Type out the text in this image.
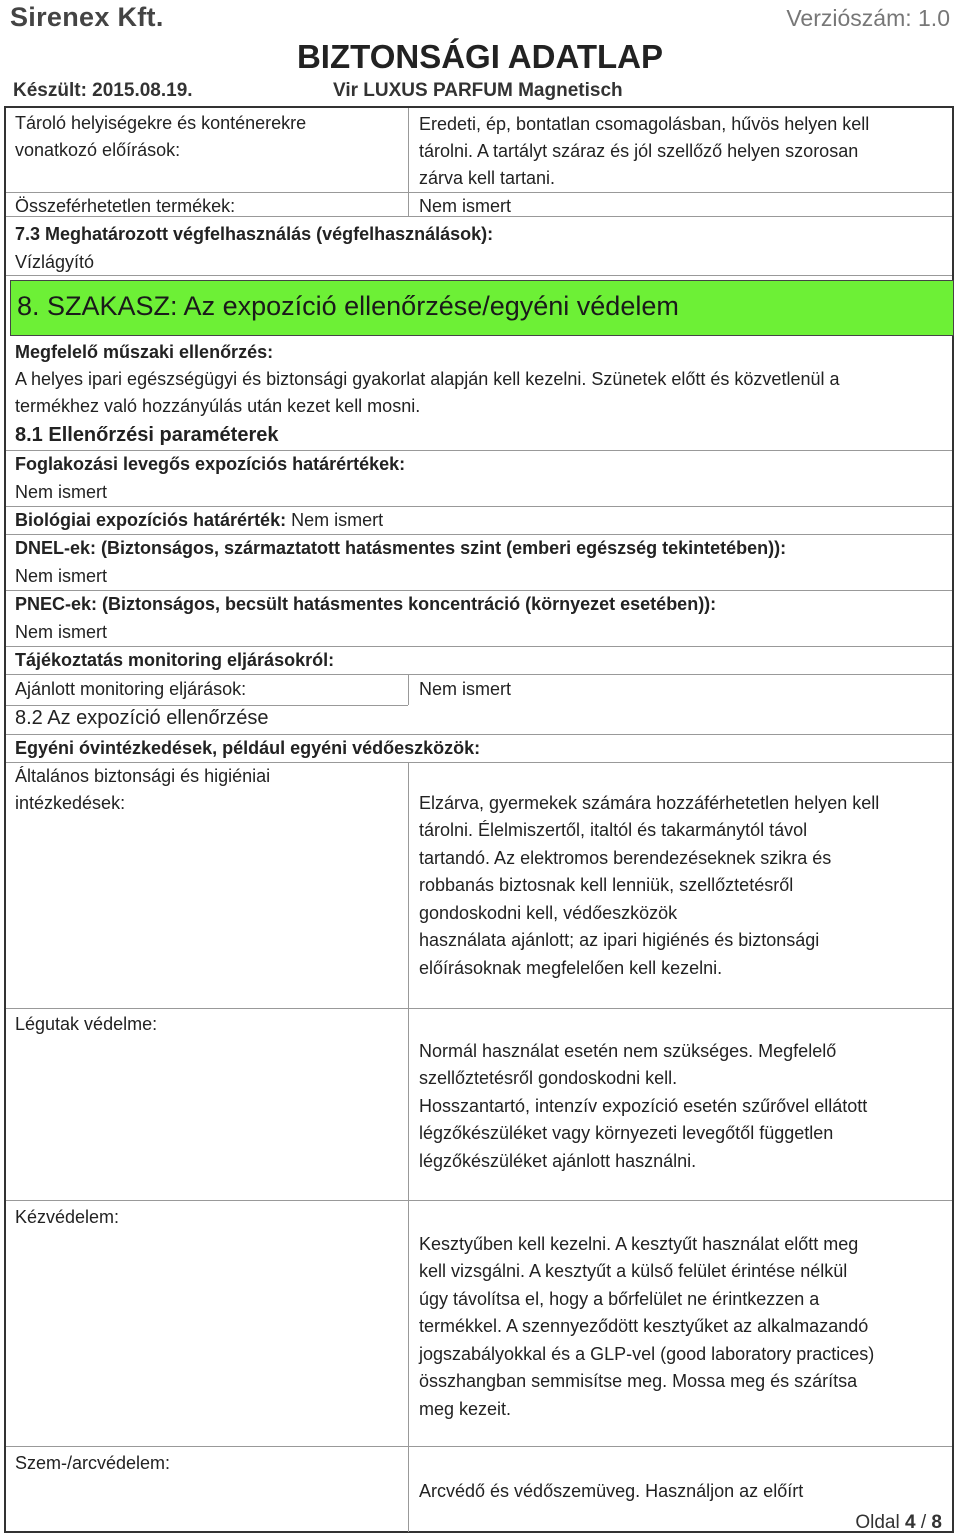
Sirenex Kft.	Verziószám: 1.0
BIZTONSÁGI ADATLAP
Készült: 2015.08.19.	Vir LUXUS PARFUM Magnetisch
Tároló helyiségekre és konténerekre
vonatkozó előírások:
Eredeti, ép, bontatlan csomagolásban, hűvös helyen kell
tárolni. A tartályt száraz és jól szellőző helyen szorosan
zárva kell tartani.
Összeférhetetlen termékek:	Nem ismert
7.3 Meghatározott végfelhasználás (végfelhasználások):
Vízlágyító
8. SZAKASZ: Az expozíció ellenőrzése/egyéni védelem
Megfelelő műszaki ellenőrzés:
A helyes ipari egészségügyi és biztonsági gyakorlat alapján kell kezelni. Szünetek előtt és közvetlenül a
termékhez való hozzányúlás után kezet kell mosni.
8.1 Ellenőrzési paraméterek
Foglakozási levegős expozíciós határértékek:
Nem ismert
Biológiai expozíciós határérték: Nem ismert
DNEL-ek: (Biztonságos, származtatott hatásmentes szint (emberi egészség tekintetében)):
Nem ismert
PNEC-ek: (Biztonságos, becsült hatásmentes koncentráció (környezet esetében)):
Nem ismert
Tájékoztatás monitoring eljárásokról:
Ajánlott monitoring eljárások:	Nem ismert
8.2 Az expozíció ellenőrzése
Egyéni óvintézkedések, például egyéni védőeszközök:
Általános biztonsági és higiéniai
intézkedések:	Elzárva, gyermekek számára hozzáférhetetlen helyen kell
tárolni. Élelmiszertől, italtól és takarmánytól távol
tartandó. Az elektromos berendezéseknek szikra és
robbanás biztosnak kell lenniük, szellőztetésről
gondoskodni kell, védőeszközök
használata ajánlott; az ipari higiénés és biztonsági
előírásoknak megfelelően kell kezelni.
Légutak védelme:
Normál használat esetén nem szükséges. Megfelelő
szellőztetésről gondoskodni kell.
Hosszantartó, intenzív expozíció esetén szűrővel ellátott
légzőkészüléket vagy környezeti levegőtől független
légzőkészüléket ajánlott használni.
Kézvédelem:
Kesztyűben kell kezelni. A kesztyűt használat előtt meg
kell vizsgálni. A kesztyűt a külső felület érintése nélkül
úgy távolítsa el, hogy a bőrfelület ne érintkezzen a
termékkel. A szennyeződött kesztyűket az alkalmazandó
jogszabályokkal és a GLP-vel (good laboratory practices)
összhangban semmisítse meg. Mossa meg és szárítsa
meg kezeit.
Szem-/arcvédelem:
Arcvédő és védőszemüveg. Használjon az előírt
Oldal 4 / 8
